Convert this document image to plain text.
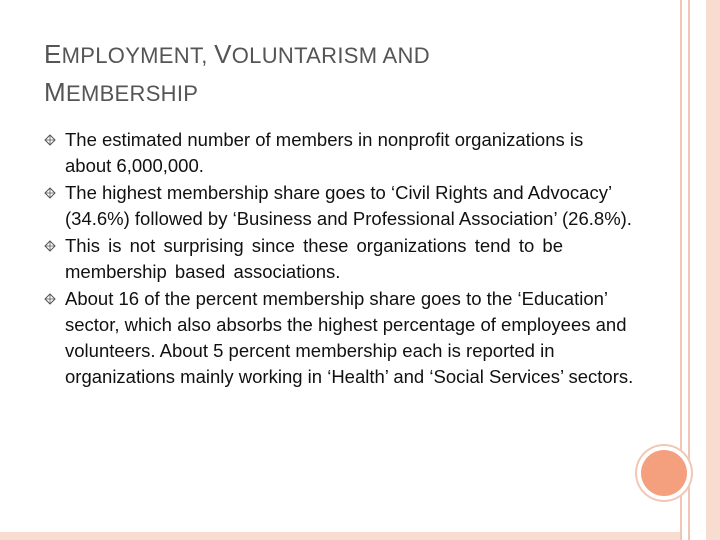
EMPLOYMENT, VOLUNTARISM AND
MEMBERSHIP
The estimated number of members in nonprofit organizations is about 6,000,000.
The highest membership share goes to ‘Civil Rights and Advocacy’ (34.6%) followed by ‘Business and Professional Association’ (26.8%).
This is not surprising since these organizations tend to be membership based associations.
About 16 of the percent membership share goes to the ‘Education’ sector, which also absorbs the highest percentage of employees and volunteers. About 5 percent membership each is reported in organizations mainly working in ‘Health’ and ‘Social Services’ sectors.
